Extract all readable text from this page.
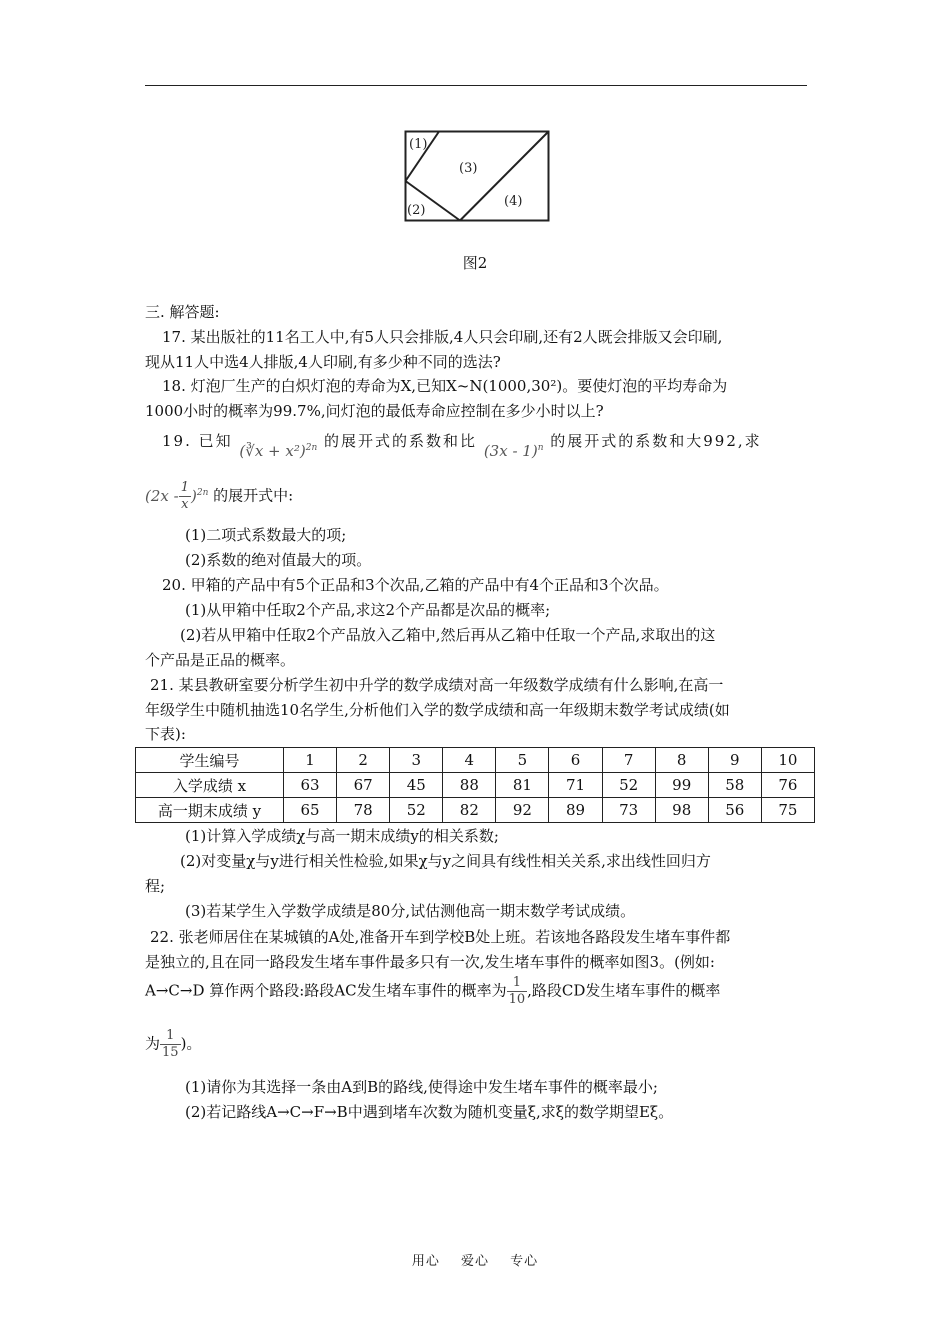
(1)
(3)
(2)
(4)
图2
三. 解答题:
17. 某出版社的11名工人中,有5人只会排版,4人只会印刷,还有2人既会排版又会印刷,
现从11人中选4人排版,4人印刷,有多少种不同的选法?
18. 灯泡厂生产的白炽灯泡的寿命为X,已知X~N(1000,30²)。要使灯泡的平均寿命为
1000小时的概率为99.7%,问灯泡的最低寿命应控制在多少小时以上?
19. 已知 (∛x + x²)$^{2n}$ 的展开式的系数和比 (3x - 1)$^n$ 的展开式的系数和大992,求
$(2x - \frac{1}{x} )^{2n}$ 的展开式中:
(1)二项式系数最大的项;
(2)系数的绝对值最大的项。
20. 甲箱的产品中有5个正品和3个次品,乙箱的产品中有4个正品和3个次品。
(1)从甲箱中任取2个产品,求这2个产品都是次品的概率;
(2)若从甲箱中任取2个产品放入乙箱中,然后再从乙箱中任取一个产品,求取出的这
个产品是正品的概率。
21. 某县教研室要分析学生初中升学的数学成绩对高一年级数学成绩有什么影响,在高一
年级学生中随机抽选10名学生,分析他们入学的数学成绩和高一年级期末数学考试成绩(如
下表):
学生编号	1	2	3	4	5	6	7	8	9	10
入学成绩 x	63	67	45	88	81	71	52	99	58	76
高一期末成绩 y	65	78	52	82	92	89	73	98	56	75
(1)计算入学成绩χ与高一期末成绩y的相关系数;
(2)对变量χ与y进行相关性检验,如果χ与y之间具有线性相关关系,求出线性回归方
程;
(3)若某学生入学数学成绩是80分,试估测他高一期末数学考试成绩。
22. 张老师居住在某城镇的A处,准备开车到学校B处上班。若该地各路段发生堵车事件都
是独立的,且在同一路段发生堵车事件最多只有一次,发生堵车事件的概率如图3。(例如:
A→C→D 算作两个路段:路段AC发生堵车事件的概率为 $\frac{1}{10}$ ,路段CD发生堵车事件的概率
为 $\frac{1}{15}$ )。
(1)请你为其选择一条由A到B的路线,使得途中发生堵车事件的概率最小;
(2)若记路线A→C→F→B中遇到堵车次数为随机变量ξ,求ξ的数学期望Eξ。
用心 爱心 专心
